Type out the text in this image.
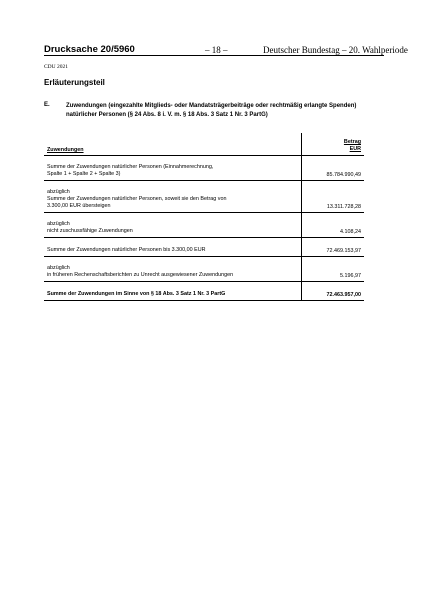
Drucksache 20/5960	– 18 –	Deutscher Bundestag – 20. Wahlperiode
CDU 2021
Erläuterungsteil
E.	Zuwendungen (eingezahlte Mitglieds- oder Mandatsträgerbeiträge oder rechtmäßig erlangte Spenden) natürlicher Personen (§ 24 Abs. 8 i. V. m. § 18 Abs. 3 Satz 1 Nr. 3 PartG)
Zuwendungen	Betrag
EUR

Summe der Zuwendungen natürlicher Personen (Einnahmerechnung,
Spalte 1 + Spalte 2 + Spalte 3)	85.784.990,49

abzüglich
Summe der Zuwendungen natürlicher Personen, soweit sie den Betrag von
3.300,00 EUR übersteigen	13.311.728,28

abzüglich
nicht zuschussfähige Zuwendungen	4.108,24

Summe der Zuwendungen natürlicher Personen bis 3.300,00 EUR	72.469.153,97

abzüglich
in früheren Rechenschaftsberichten zu Unrecht ausgewiesener Zuwendungen	5.196,97

Summe der Zuwendungen im Sinne von § 18 Abs. 3 Satz 1 Nr. 3 PartG	72.463.957,00
